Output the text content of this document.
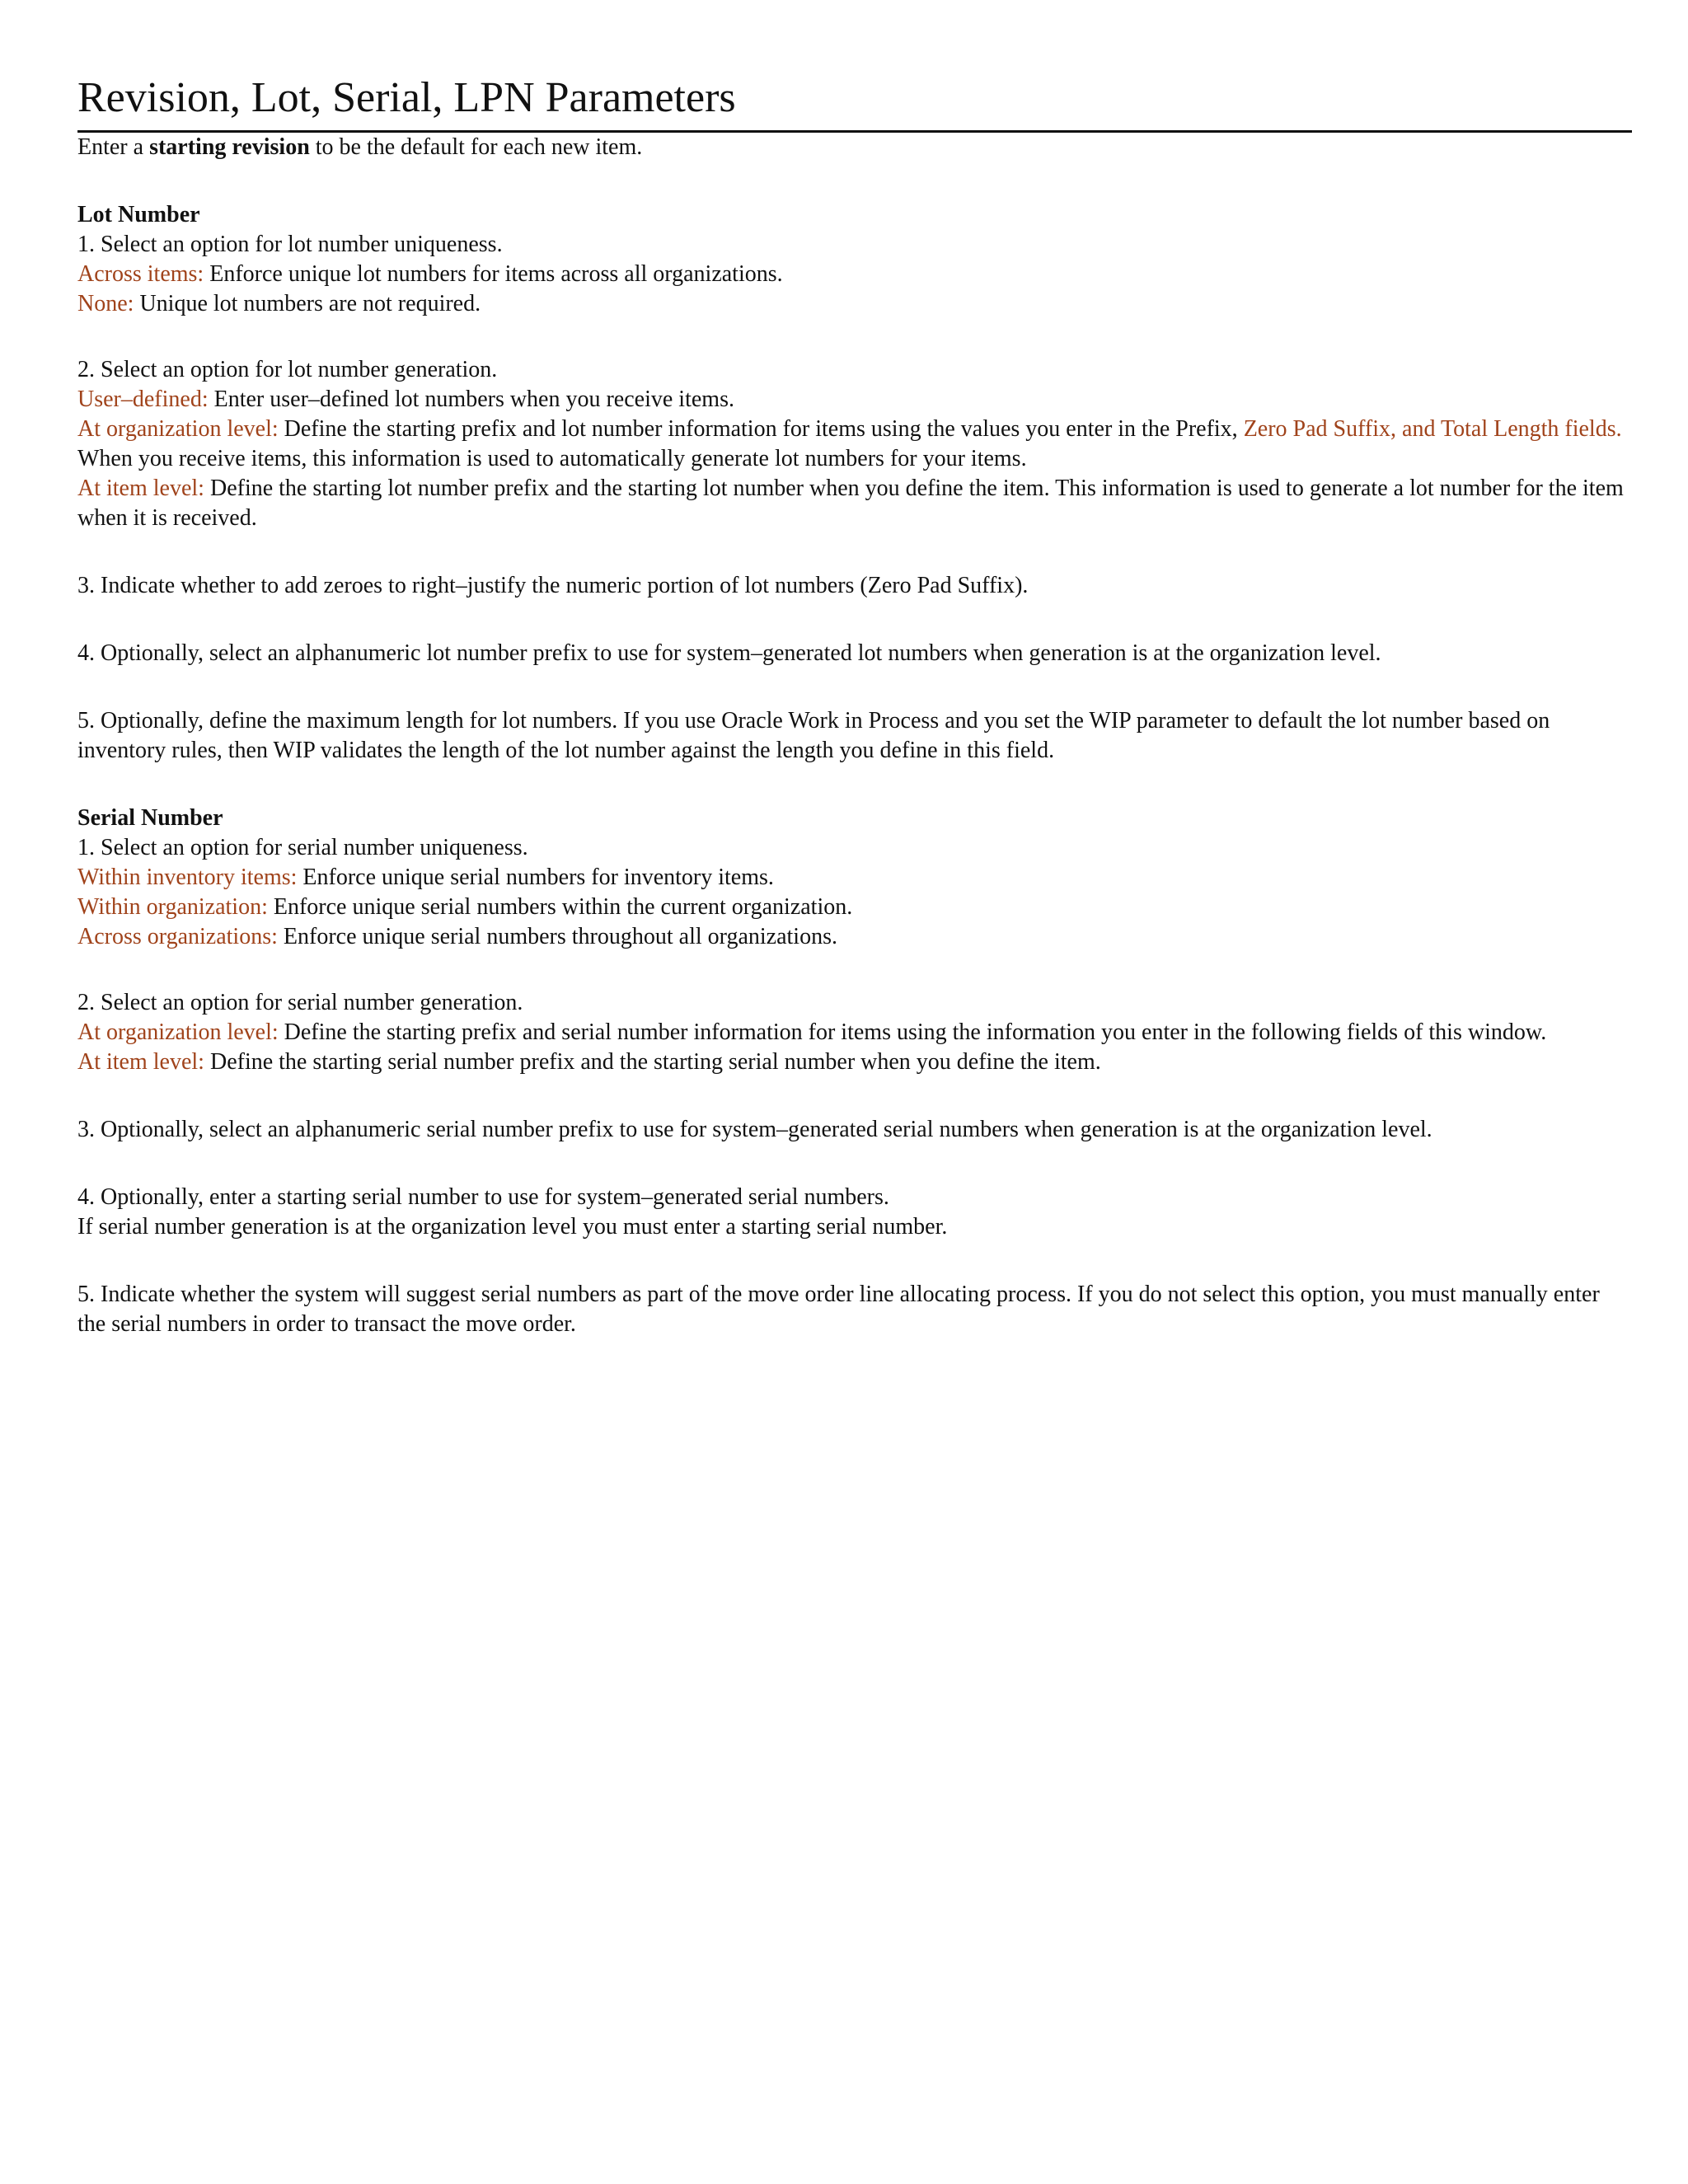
Revision, Lot, Serial, LPN Parameters

Enter a starting revision to be the default for each new item.

Lot Number

1. Select an option for lot number uniqueness.

Across items: Enforce unique lot numbers for items across all organizations.

None: Unique lot numbers are not required.

2. Select an option for lot number generation.

User–defined: Enter user–defined lot numbers when you receive items.

At organization level: Define the starting prefix and lot number information for items using the values you enter in the Prefix, Zero Pad Suffix, and Total Length fields. When you receive items, this information is used to automatically generate lot numbers for your items.

At item level: Define the starting lot number prefix and the starting lot number when you define the item. This information is used to generate a lot number for the item when it is received.

3. Indicate whether to add zeroes to right–justify the numeric portion of lot numbers (Zero Pad Suffix).

4. Optionally, select an alphanumeric lot number prefix to use for system–generated lot numbers when generation is at the organization level.

5. Optionally, define the maximum length for lot numbers. If you use Oracle Work in Process and you set the WIP parameter to default the lot number based on inventory rules, then WIP validates the length of the lot number against the length you define in this field.

Serial Number

1. Select an option for serial number uniqueness.

Within inventory items: Enforce unique serial numbers for inventory items.

Within organization: Enforce unique serial numbers within the current organization.

Across organizations: Enforce unique serial numbers throughout all organizations.

2. Select an option for serial number generation.

At organization level: Define the starting prefix and serial number information for items using the information you enter in the following fields of this window.

At item level: Define the starting serial number prefix and the starting serial number when you define the item.

3. Optionally, select an alphanumeric serial number prefix to use for system–generated serial numbers when generation is at the organization level.

4. Optionally, enter a starting serial number to use for system–generated serial numbers.

If serial number generation is at the organization level you must enter a starting serial number.

5. Indicate whether the system will suggest serial numbers as part of the move order line allocating process. If you do not select this option, you must manually enter the serial numbers in order to transact the move order.
